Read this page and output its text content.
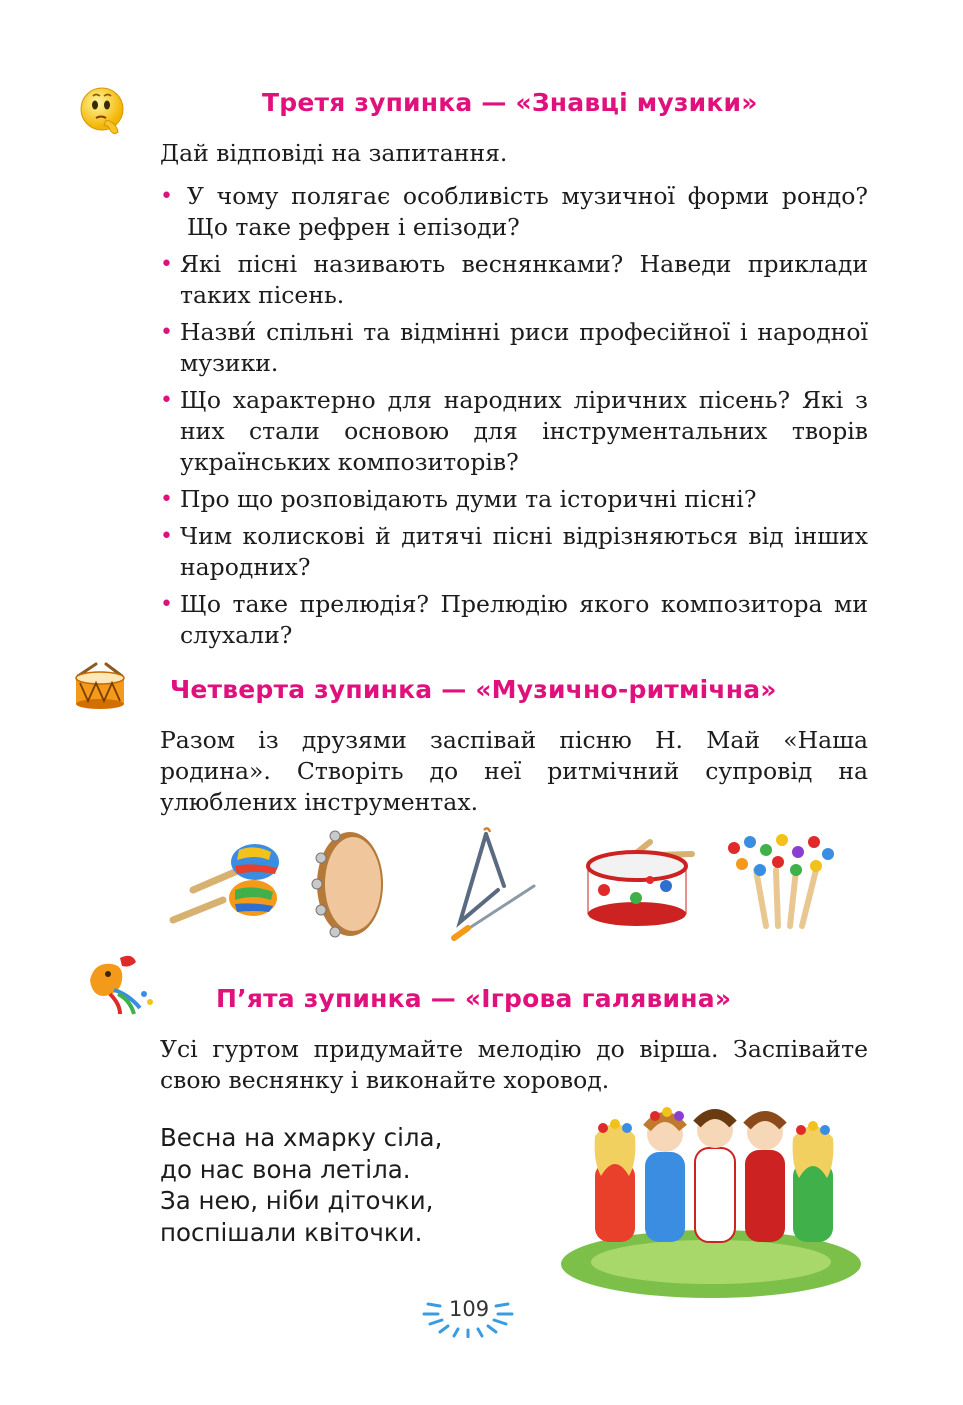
Третя зупинка — «Знавці музики»
Дай відповіді на запитання.
• У чому полягає особливість музичної форми рондо? Що таке рефрен і епізоди?
• Які пісні називають веснянками? Наведи приклади таких пісень.
• Назви́ спільні та відмінні риси професійної і народної музики.
• Що характерно для народних ліричних пісень? Які з них стали основою для інструментальних творів українських композиторів?
• Про що розповідають думи та історичні пісні?
• Чим колискові й дитячі пісні відрізняються від інших народних?
• Що таке прелюдія? Прелюдію якого композитора ми слухали?
Четверта зупинка — «Музично-ритмічна»
Разом із друзями заспівай пісню Н. Май «Наша родина». Створіть до неї ритмічний супровід на улюблених інструментах.
П’ята зупинка — «Ігрова галявина»
Усі гуртом придумайте мелодію до вірша. Заспівайте свою веснянку і виконайте хоровод.
Весна на хмарку сіла,
до нас вона летіла.
За нею, ніби діточки,
поспішали квіточки.
109
